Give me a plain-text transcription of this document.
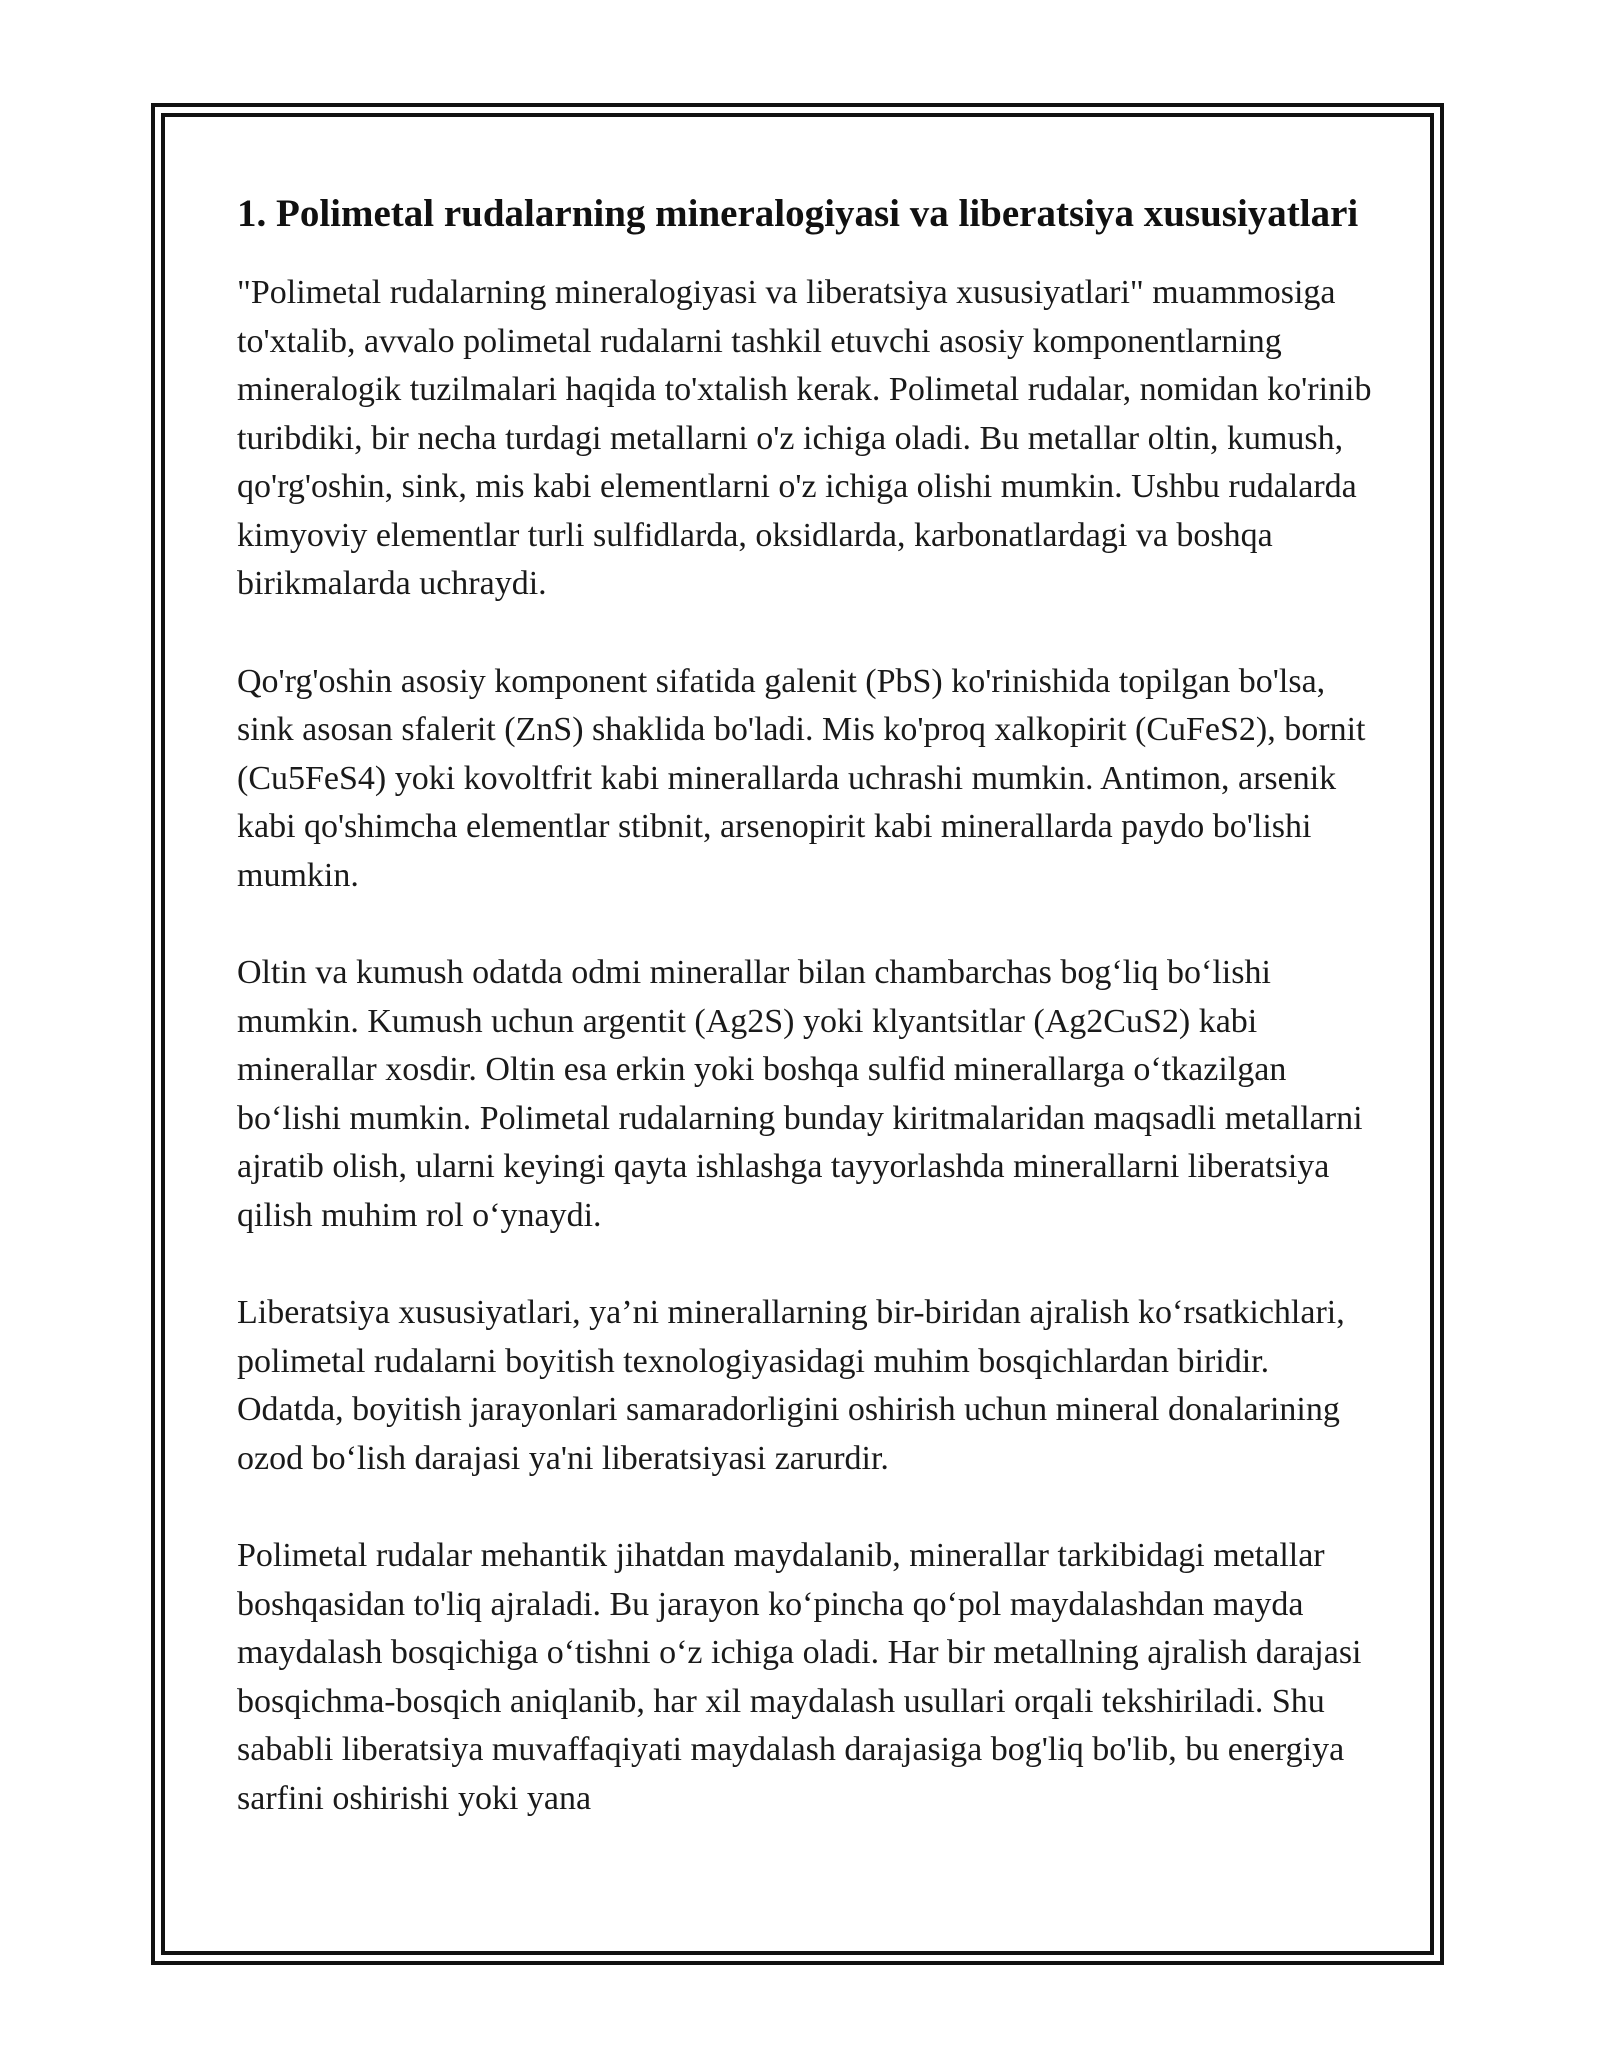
1. Polimetal rudalarning mineralogiyasi va liberatsiya xususiyatlari

"Polimetal rudalarning mineralogiyasi va liberatsiya xususiyatlari" muammosiga to'xtalib, avvalo polimetal rudalarni tashkil etuvchi asosiy komponentlarning mineralogik tuzilmalari haqida to'xtalish kerak. Polimetal rudalar, nomidan ko'rinib turibdiki, bir necha turdagi metallarni o'z ichiga oladi. Bu metallar oltin, kumush, qo'rg'oshin, sink, mis kabi elementlarni o'z ichiga olishi mumkin. Ushbu rudalarda kimyoviy elementlar turli sulfidlarda, oksidlarda, karbonatlardagi va boshqa birikmalarda uchraydi.

Qo'rg'oshin asosiy komponent sifatida galenit (PbS) ko'rinishida topilgan bo'lsa, sink asosan sfalerit (ZnS) shaklida bo'ladi. Mis ko'proq xalkopirit (CuFeS2), bornit (Cu5FeS4) yoki kovoltfrit kabi minerallarda uchrashi mumkin. Antimon, arsenik kabi qo'shimcha elementlar stibnit, arsenopirit kabi minerallarda paydo bo'lishi mumkin.

Oltin va kumush odatda odmi minerallar bilan chambarchas bog‘liq bo‘lishi mumkin. Kumush uchun argentit (Ag2S) yoki klyantsitlar (Ag2CuS2) kabi minerallar xosdir. Oltin esa erkin yoki boshqa sulfid minerallarga o‘tkazilgan bo‘lishi mumkin. Polimetal rudalarning bunday kiritmalaridan maqsadli metallarni ajratib olish, ularni keyingi qayta ishlashga tayyorlashda minerallarni liberatsiya qilish muhim rol o‘ynaydi.

Liberatsiya xususiyatlari, ya’ni minerallarning bir-biridan ajralish ko‘rsatkichlari, polimetal rudalarni boyitish texnologiyasidagi muhim bosqichlardan biridir. Odatda, boyitish jarayonlari samaradorligini oshirish uchun mineral donalarining ozod bo‘lish darajasi ya'ni liberatsiyasi zarurdir.

Polimetal rudalar mehantik jihatdan maydalanib, minerallar tarkibidagi metallar boshqasidan to'liq ajraladi. Bu jarayon ko‘pincha qo‘pol maydalashdan mayda maydalash bosqichiga o‘tishni o‘z ichiga oladi. Har bir metallning ajralish darajasi bosqichma-bosqich aniqlanib, har xil maydalash usullari orqali tekshiriladi. Shu sababli liberatsiya muvaffaqiyati maydalash darajasiga bog'liq bo'lib, bu energiya sarfini oshirishi yoki yana
